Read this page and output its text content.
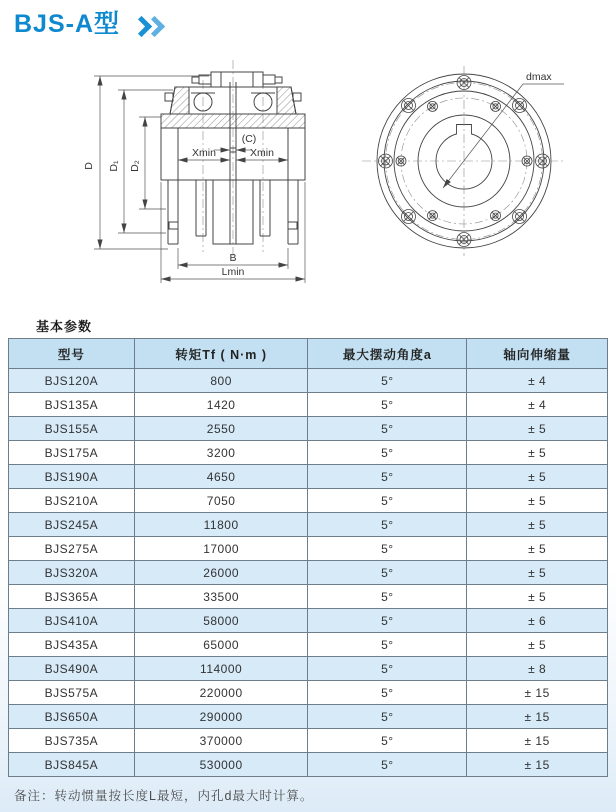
BJS-A型
D D₁ D₂
Xmin	Xmin
(C)
B
Lmin
dmax
基本参数
型号	转矩Tf ( N·m )	最大摆动角度a	轴向伸缩量
BJS120A	800	5°	± 4
BJS135A	1420	5°	± 4
BJS155A	2550	5°	± 5
BJS175A	3200	5°	± 5
BJS190A	4650	5°	± 5
BJS210A	7050	5°	± 5
BJS245A	11800	5°	± 5
BJS275A	17000	5°	± 5
BJS320A	26000	5°	± 5
BJS365A	33500	5°	± 5
BJS410A	58000	5°	± 6
BJS435A	65000	5°	± 5
BJS490A	114000	5°	± 8
BJS575A	220000	5°	± 15
BJS650A	290000	5°	± 15
BJS735A	370000	5°	± 15
BJS845A	530000	5°	± 15
备注：转动惯量按长度L最短，内孔d最大时计算。
